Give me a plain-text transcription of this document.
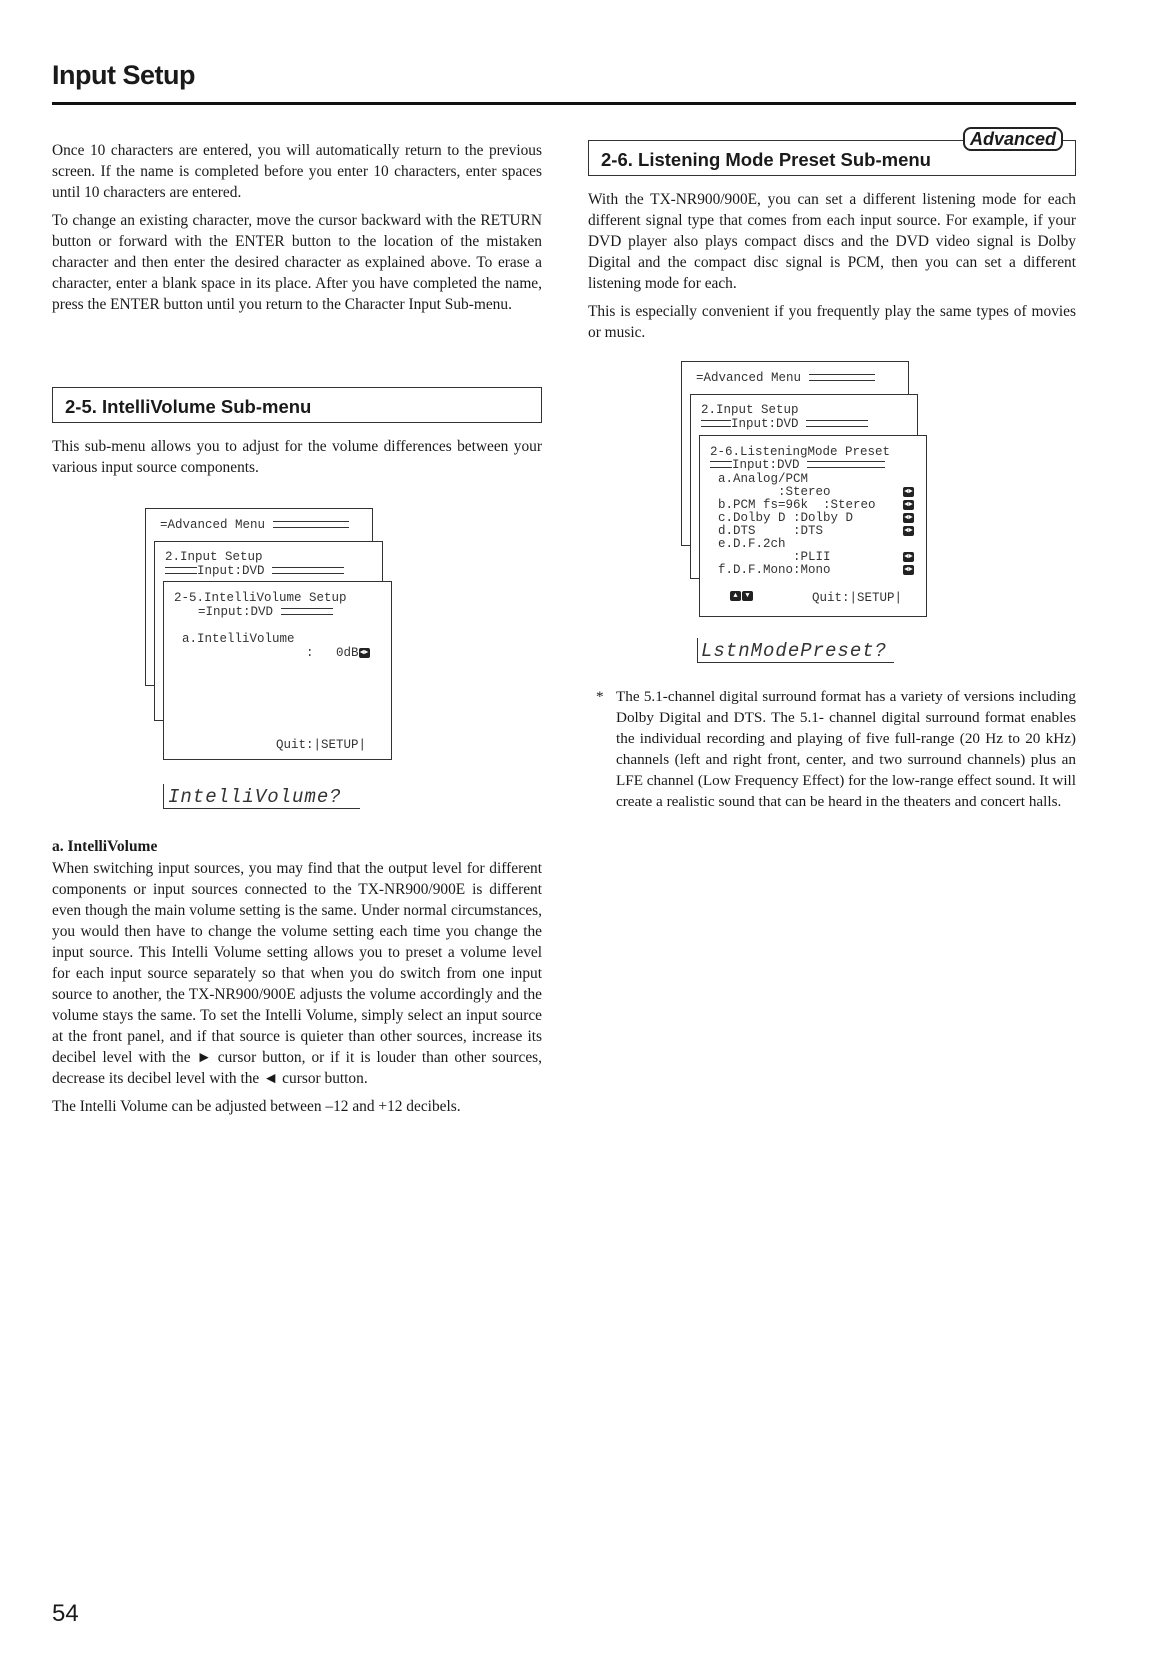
Input Setup

Once 10 characters are entered, you will automatically return to the previous screen. If the name is completed before you enter 10 characters, enter spaces until 10 characters are entered.

To change an existing character, move the cursor backward with the RETURN button or forward with the ENTER button to the location of the mistaken character and then enter the desired character as explained above. To erase a character, enter a blank space in its place. After you have completed the name, press the ENTER button until you return to the Character Input Sub-menu.

2-5. IntelliVolume Sub-menu

This sub-menu allows you to adjust for the volume differences between your various input source components.

=Advanced Menu
2.Input Setup
Input:DVD
2-5.IntelliVolume Setup
=Input:DVD
a.IntelliVolume
:   0dB◄►
Quit:|SETUP|
IntelliVolume?
a. IntelliVolume

When switching input sources, you may find that the output level for different components or input sources connected to the TX-NR900/900E is different even though the main volume setting is the same. Under normal circumstances, you would then have to change the volume setting each time you change the input source. This Intelli Volume setting allows you to preset a volume level for each input source separately so that when you do switch from one input source to another, the TX-NR900/900E adjusts the volume accordingly and the volume stays the same. To set the Intelli Volume, simply select an input source at the front panel, and if that source is quieter than other sources, increase its decibel level with the ► cursor button, or if it is louder than other sources, decrease its decibel level with the ◄ cursor button.

The Intelli Volume can be adjusted between –12 and +12 decibels.

2-6. Listening Mode Preset Sub-menu
Advanced

With the TX-NR900/900E, you can set a different listening mode for each different signal type that comes from each input source. For example, if your DVD player also plays compact discs and the DVD video signal is Dolby Digital and the compact disc signal is PCM, then you can set a different listening mode for each.

This is especially convenient if you frequently play the same types of movies or music.

=Advanced Menu
2.Input Setup
Input:DVD
2-6.ListeningMode Preset
Input:DVD
a.Analog/PCM
:Stereo	◄►
b.PCM fs=96k  :Stereo	◄►
c.Dolby D :Dolby D	◄►
d.DTS     :DTS	◄►
e.D.F.2ch
:PLII	◄►
f.D.F.Mono:Mono	◄►
▲	▼	Quit:|SETUP|
LstnModePreset?
* The 5.1-channel digital surround format has a variety of versions including Dolby Digital and DTS. The 5.1- channel digital surround format enables the individual recording and playing of five full-range (20 Hz to 20 kHz) channels (left and right front, center, and two surround channels) plus an LFE channel (Low Frequency Effect) for the low-range effect sound. It will create a realistic sound that can be heard in the theaters and concert halls.
54
